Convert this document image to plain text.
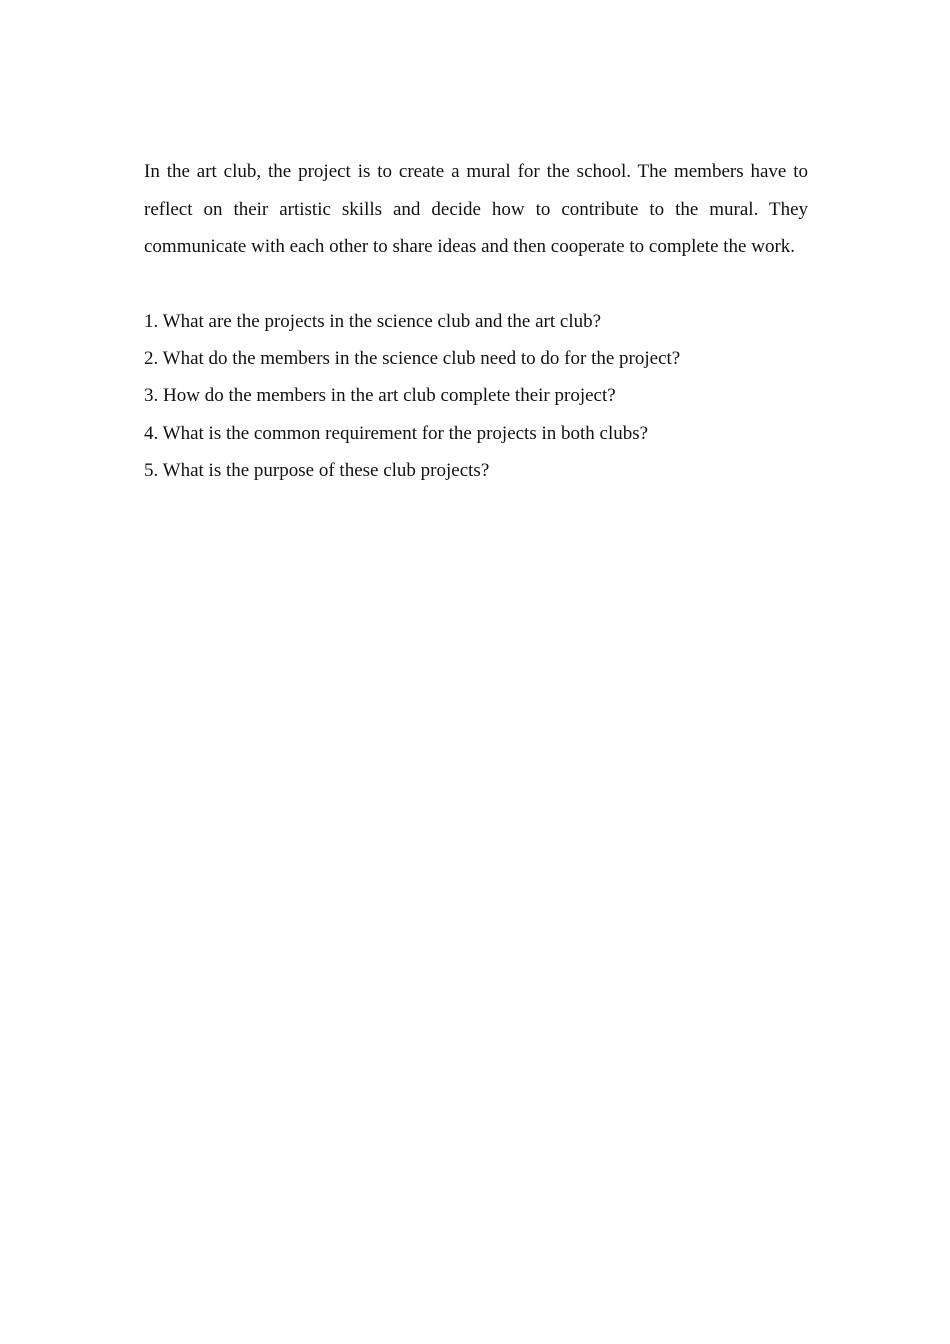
In the art club, the project is to create a mural for the school. The members have to reflect on their artistic skills and decide how to contribute to the mural. They communicate with each other to share ideas and then cooperate to complete the work.

1. What are the projects in the science club and the art club?
2. What do the members in the science club need to do for the project?
3. How do the members in the art club complete their project?
4. What is the common requirement for the projects in both clubs?
5. What is the purpose of these club projects?
